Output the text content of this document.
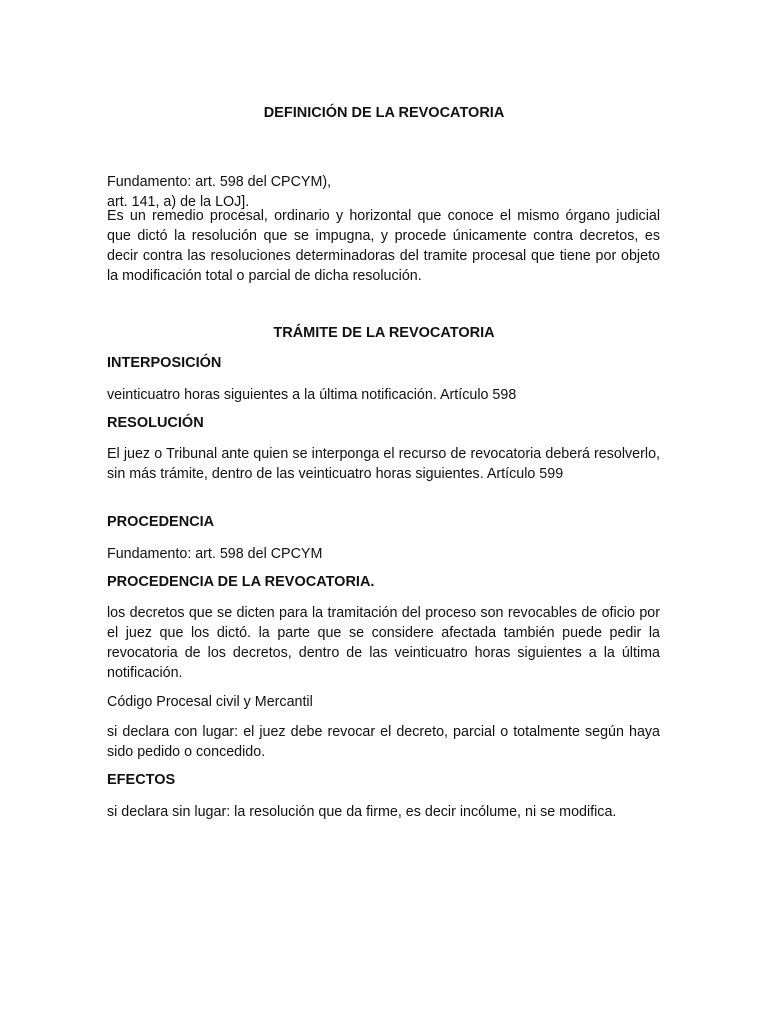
DEFINICIÓN DE LA REVOCATORIA
Fundamento: art. 598 del CPCYM),
art. 141, a) de la LOJ].
Es un remedio procesal, ordinario y horizontal que conoce el mismo órgano judicial que dictó la resolución que se impugna, y procede únicamente contra decretos, es decir contra las resoluciones determinadoras del tramite procesal que tiene por objeto la modificación total o parcial de dicha resolución.
TRÁMITE DE LA REVOCATORIA
INTERPOSICIÓN
veinticuatro horas siguientes a la última notificación. Artículo 598
RESOLUCIÓN
El juez o Tribunal ante quien se interponga el recurso de revocatoria deberá resolverlo, sin más trámite, dentro de las veinticuatro horas siguientes. Artículo 599
PROCEDENCIA
Fundamento: art. 598 del CPCYM
PROCEDENCIA DE LA REVOCATORIA.
los decretos que se dicten para la tramitación del proceso son revocables de oficio por el juez que los dictó. la parte que se considere afectada también puede pedir la revocatoria de los decretos, dentro de las veinticuatro horas siguientes a la última notificación.
Código Procesal civil y Mercantil
si declara con lugar: el juez debe revocar el decreto, parcial o totalmente según haya sido pedido o concedido.
EFECTOS
si declara sin lugar: la resolución que da firme, es decir incólume, ni se modifica.
